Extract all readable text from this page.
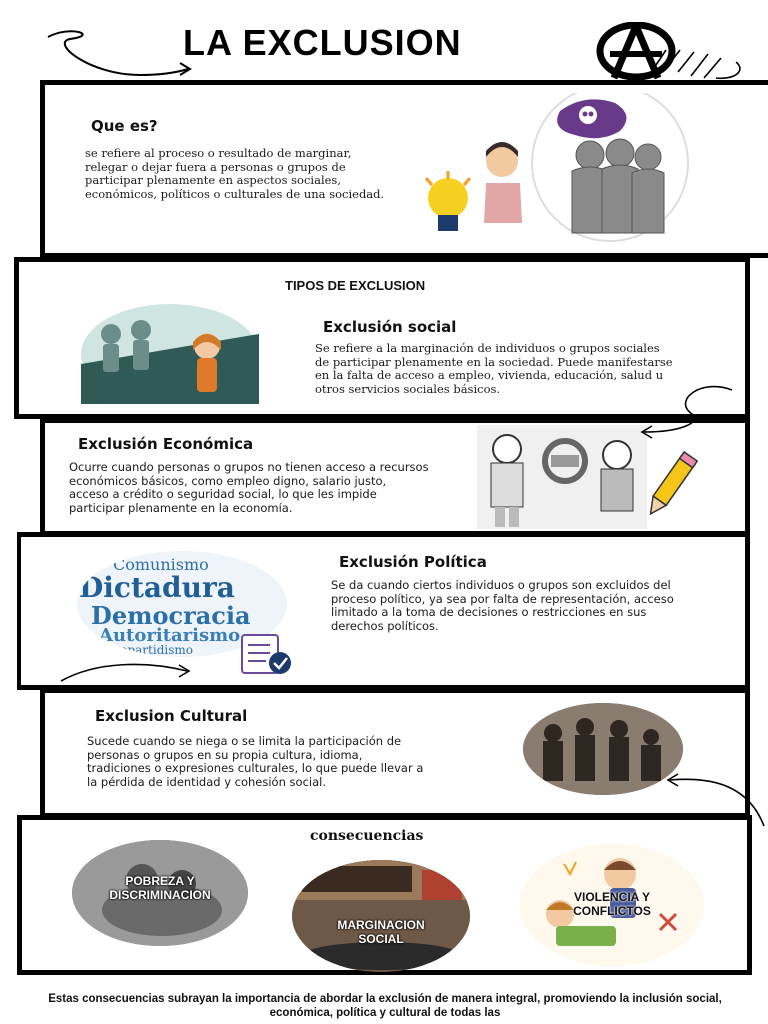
LA EXCLUSION
Que es?
se refiere al proceso o resultado de marginar, relegar o dejar fuera a personas o grupos de participar plenamente en aspectos sociales, económicos, políticos o culturales de una sociedad.
TIPOS DE EXCLUSION
Exclusión social
Se refiere a la marginación de individuos o grupos sociales de participar plenamente en la sociedad. Puede manifestarse en la falta de acceso a empleo, vivienda, educación, salud u otros servicios sociales básicos.
Exclusión Económica
Ocurre cuando personas o grupos no tienen acceso a recursos económicos básicos, como empleo digno, salario justo, acceso a crédito o seguridad social, lo que les impide participar plenamente en la economía.
Exclusión Política
Se da cuando ciertos individuos o grupos son excluidos del proceso político, ya sea por falta de representación, acceso limitado a la toma de decisiones o restricciones en sus derechos políticos.
Comunismo
Dictadura
Democracia
Autoritarismo
Monopartidismo
Exclusion Cultural
Sucede cuando se niega o se limita la participación de personas o grupos en su propia cultura, idioma, tradiciones o expresiones culturales, lo que puede llevar a la pérdida de identidad y cohesión social.
consecuencias
POBREZA Y DISCRIMINACION
MARGINACION SOCIAL
VIOLENCIA Y CONFLICTOS
Estas consecuencias subrayan la importancia de abordar la exclusión de manera integral, promoviendo la inclusión social, económica, política y cultural de todas las
